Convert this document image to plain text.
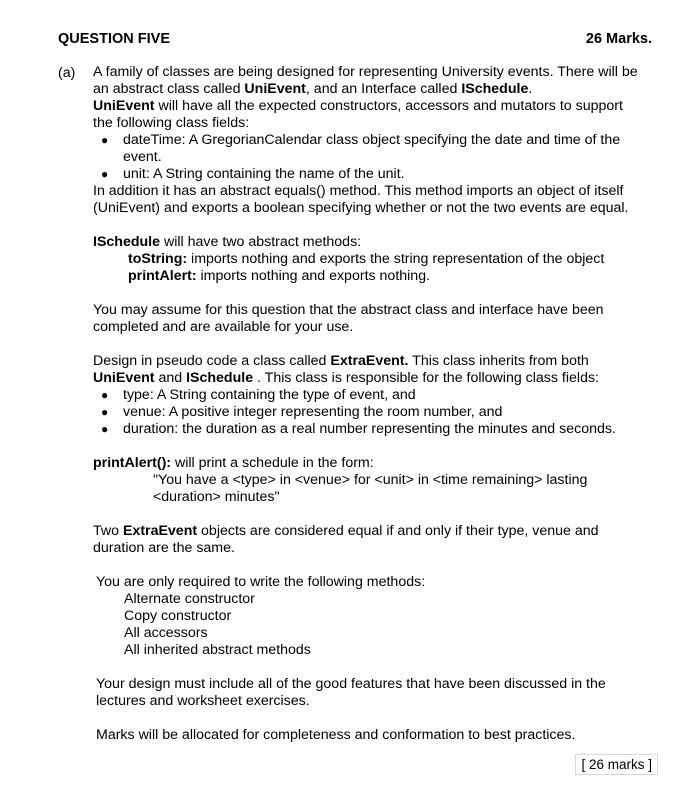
QUESTION FIVE	26 Marks.
(a) A family of classes are being designed for representing University events. There will be
an abstract class called UniEvent, and an Interface called ISchedule.
UniEvent will have all the expected constructors, accessors and mutators to support
the following class fields:
● dateTime: A GregorianCalendar class object specifying the date and time of the
event.
● unit: A String containing the name of the unit.
In addition it has an abstract equals() method. This method imports an object of itself
(UniEvent) and exports a boolean specifying whether or not the two events are equal.
ISchedule will have two abstract methods:
toString: imports nothing and exports the string representation of the object
printAlert: imports nothing and exports nothing.
You may assume for this question that the abstract class and interface have been
completed and are available for your use.
Design in pseudo code a class called ExtraEvent. This class inherits from both
UniEvent and ISchedule . This class is responsible for the following class fields:
● type: A String containing the type of event, and
● venue: A positive integer representing the room number, and
● duration: the duration as a real number representing the minutes and seconds.
printAlert(): will print a schedule in the form:
"You have a <type> in <venue> for <unit> in <time remaining> lasting
<duration> minutes"
Two ExtraEvent objects are considered equal if and only if their type, venue and
duration are the same.
You are only required to write the following methods:
Alternate constructor
Copy constructor
All accessors
All inherited abstract methods
Your design must include all of the good features that have been discussed in the
lectures and worksheet exercises.
Marks will be allocated for completeness and conformation to best practices.
[ 26 marks ]
